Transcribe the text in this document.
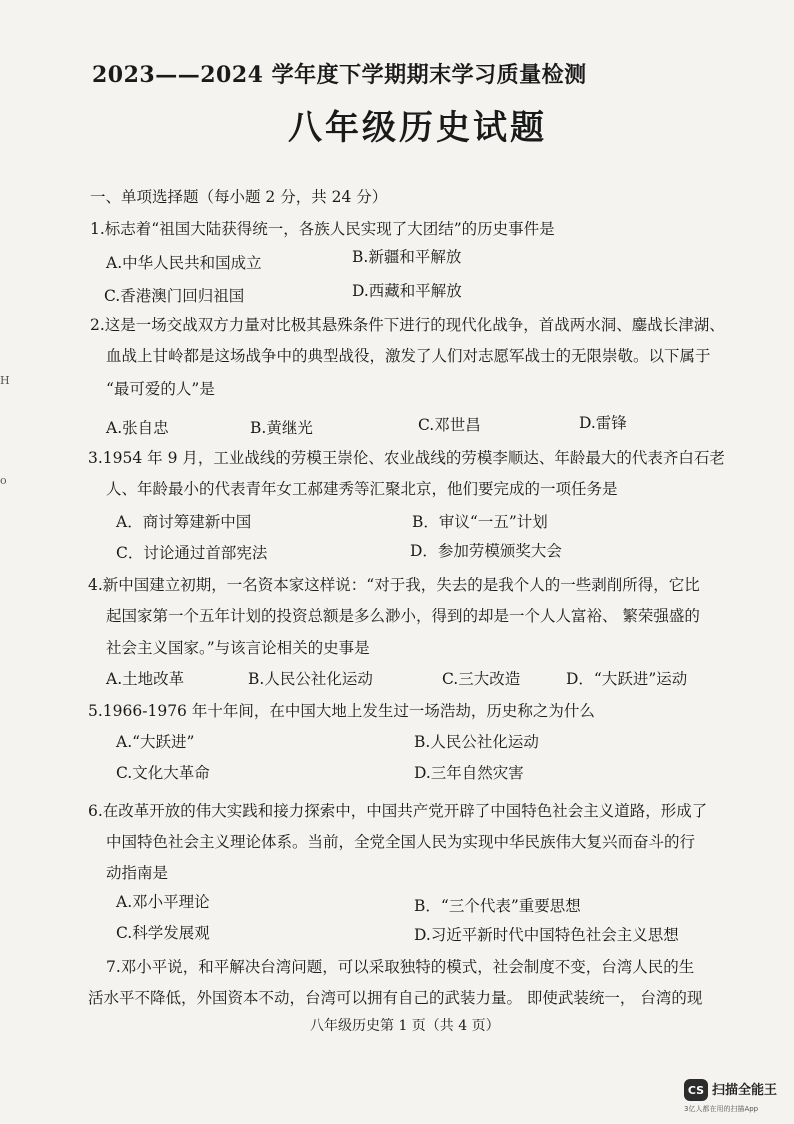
2023——2024 学年度下学期期末学习质量检测
八年级历史试题
一、单项选择题（每小题 2 分，共 24 分）
1.标志着“祖国大陆获得统一，各族人民实现了大团结”的历史事件是
A.中华人民共和国成立	B.新疆和平解放
C.香港澳门回归祖国	D.西藏和平解放
2.这是一场交战双方力量对比极其悬殊条件下进行的现代化战争，首战两水洞、鏖战长津湖、
血战上甘岭都是这场战争中的典型战役，激发了人们对志愿军战士的无限崇敬。以下属于
“最可爱的人”是
A.张自忠	B.黄继光	C.邓世昌	D.雷锋
3.1954 年 9 月，工业战线的劳模王崇伦、农业战线的劳模李顺达、年龄最大的代表齐白石老
人、年龄最小的代表青年女工郝建秀等汇聚北京，他们要完成的一项任务是
A．商讨筹建新中国	B．审议“一五”计划
C．讨论通过首部宪法	D．参加劳模颁奖大会
4.新中国建立初期，一名资本家这样说：“对于我，失去的是我个人的一些剥削所得，它比
起国家第一个五年计划的投资总额是多么渺小，得到的却是一个人人富裕、 繁荣强盛的
社会主义国家。”与该言论相关的史事是
A.土地改革	B.人民公社化运动	C.三大改造	D．“大跃进”运动
5.1966-1976 年十年间，在中国大地上发生过一场浩劫，历史称之为什么
A.“大跃进”	B.人民公社化运动
C.文化大革命	D.三年自然灾害
6.在改革开放的伟大实践和接力探索中，中国共产党开辟了中国特色社会主义道路，形成了
中国特色社会主义理论体系。当前，全党全国人民为实现中华民族伟大复兴而奋斗的行
动指南是
A.邓小平理论	B．“三个代表”重要思想
C.科学发展观	D.习近平新时代中国特色社会主义思想
7.邓小平说，和平解决台湾问题，可以采取独特的模式，社会制度不变，台湾人民的生
活水平不降低，外国资本不动，台湾可以拥有自己的武装力量。 即使武装统一， 台湾的现
八年级历史第 1 页（共 4 页）
H
o
CS 扫描全能王
3亿人都在用的扫描App
